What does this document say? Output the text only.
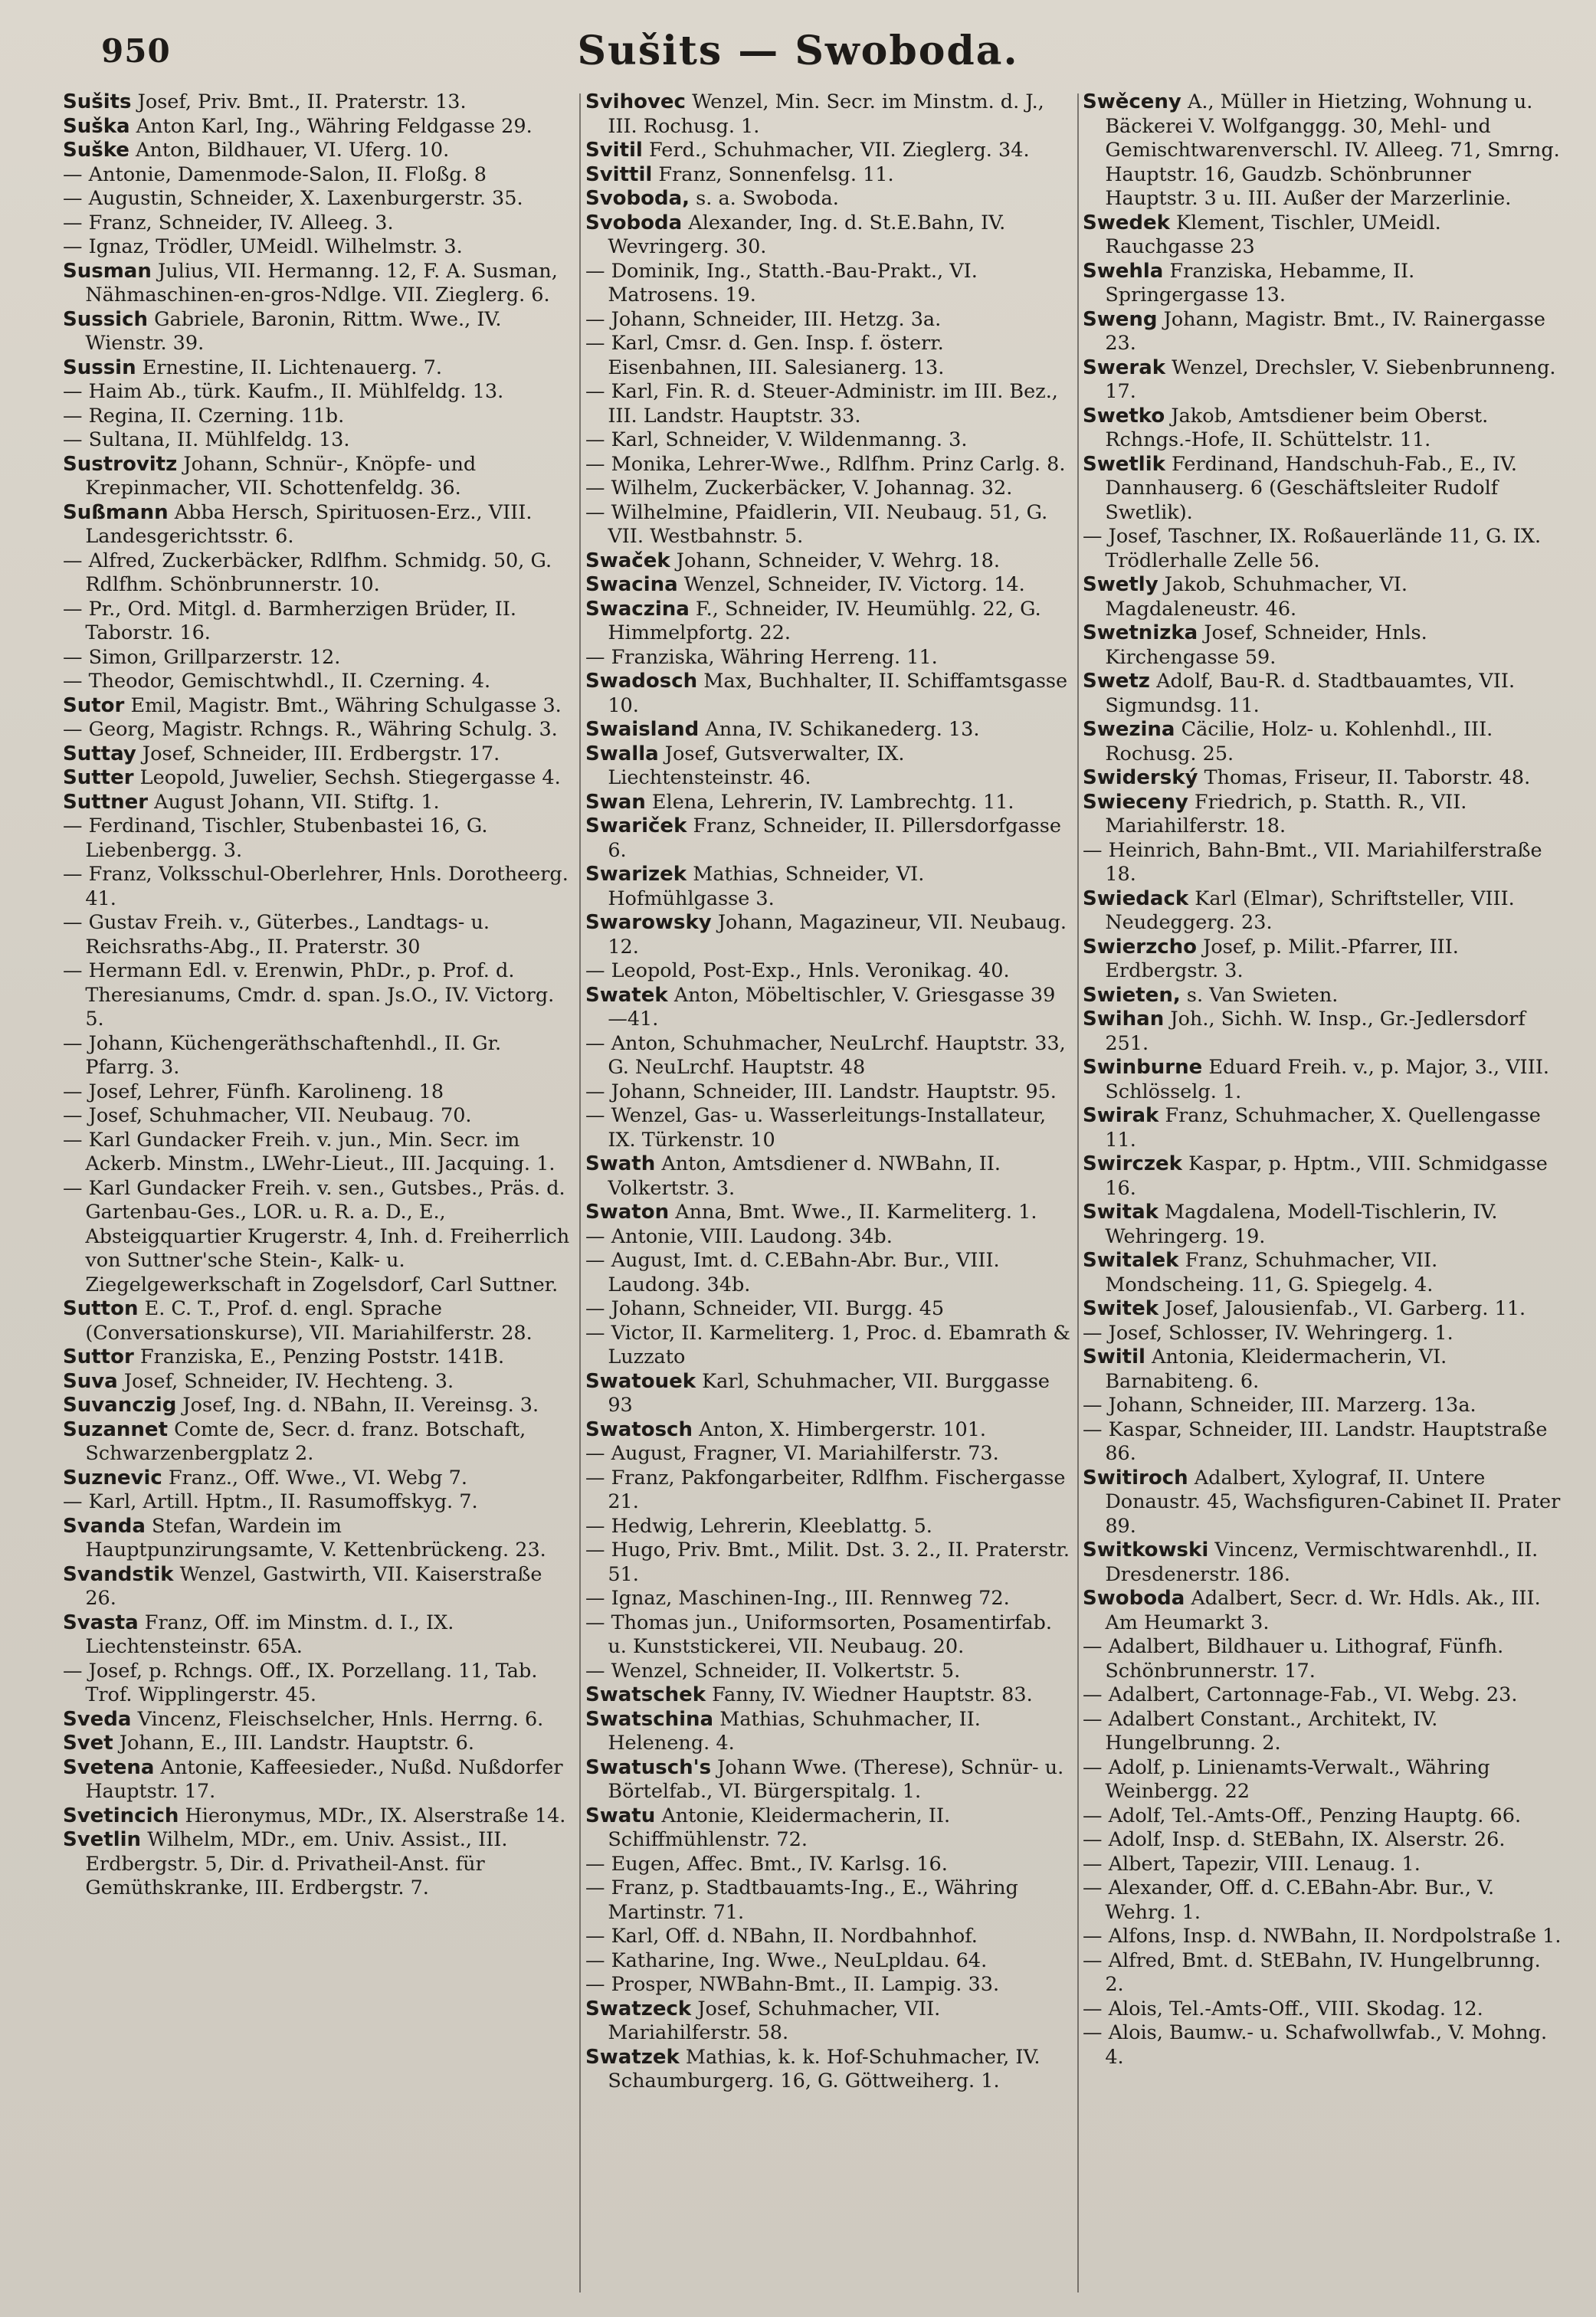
950	Sušits — Swoboda.

Sušits Josef, Priv. Bmt., II. Praterstr. 13.

Suška Anton Karl, Ing., Währing Feldgasse 29.

Suške Anton, Bildhauer, VI. Uferg. 10.

— Antonie, Damenmode-Salon, II. Floßg. 8

— Augustin, Schneider, X. Laxenburgerstr. 35.

— Franz, Schneider, IV. Alleeg. 3.

— Ignaz, Trödler, UMeidl. Wilhelmstr. 3.

Susman Julius, VII. Hermanng. 12, F. A. Susman, Nähmaschinen-en-gros-Ndlge. VII. Zieglerg. 6.

Sussich Gabriele, Baronin, Rittm. Wwe., IV. Wienstr. 39.

Sussin Ernestine, II. Lichtenauerg. 7.

— Haim Ab., türk. Kaufm., II. Mühlfeldg. 13.

— Regina, II. Czerning. 11b.

— Sultana, II. Mühlfeldg. 13.

Sustrovitz Johann, Schnür-, Knöpfe- und Krepinmacher, VII. Schottenfeldg. 36.

Sußmann Abba Hersch, Spirituosen-Erz., VIII. Landesgerichtsstr. 6.

— Alfred, Zuckerbäcker, Rdlfhm. Schmidg. 50, G. Rdlfhm. Schönbrunnerstr. 10.

— Pr., Ord. Mitgl. d. Barmherzigen Brüder, II. Taborstr. 16.

— Simon, Grillparzerstr. 12.

— Theodor, Gemischtwhdl., II. Czerning. 4.

Sutor Emil, Magistr. Bmt., Währing Schulgasse 3.

— Georg, Magistr. Rchngs. R., Währing Schulg. 3.

Suttay Josef, Schneider, III. Erdbergstr. 17.

Sutter Leopold, Juwelier, Sechsh. Stiegergasse 4.

Suttner August Johann, VII. Stiftg. 1.

— Ferdinand, Tischler, Stubenbastei 16, G. Liebenbergg. 3.

— Franz, Volksschul-Oberlehrer, Hnls. Dorotheerg. 41.

— Gustav Freih. v., Güterbes., Landtags- u. Reichsraths-Abg., II. Praterstr. 30

— Hermann Edl. v. Erenwin, PhDr., p. Prof. d. Theresianums, Cmdr. d. span. Js.O., IV. Victorg. 5.

— Johann, Küchengeräthschaftenhdl., II. Gr. Pfarrg. 3.

— Josef, Lehrer, Fünfh. Karolineng. 18

— Josef, Schuhmacher, VII. Neubaug. 70.

— Karl Gundacker Freih. v. jun., Min. Secr. im Ackerb. Minstm., LWehr-Lieut., III. Jacquing. 1.

— Karl Gundacker Freih. v. sen., Gutsbes., Präs. d. Gartenbau-Ges., LOR. u. R. a. D., E., Absteigquartier Krugerstr. 4, Inh. d. Freiherrlich von Suttner'sche Stein-, Kalk- u. Ziegelgewerkschaft in Zogelsdorf, Carl Suttner.

Sutton E. C. T., Prof. d. engl. Sprache (Conversationskurse), VII. Mariahilferstr. 28.

Suttor Franziska, E., Penzing Poststr. 141B.

Suva Josef, Schneider, IV. Hechteng. 3.

Suvanczig Josef, Ing. d. NBahn, II. Vereinsg. 3.

Suzannet Comte de, Secr. d. franz. Botschaft, Schwarzenbergplatz 2.

Suznevic Franz., Off. Wwe., VI. Webg 7.

— Karl, Artill. Hptm., II. Rasumoffskyg. 7.

Svanda Stefan, Wardein im Hauptpunzirungsamte, V. Kettenbrückeng. 23.

Svandstik Wenzel, Gastwirth, VII. Kaiserstraße 26.

Svasta Franz, Off. im Minstm. d. I., IX. Liechtensteinstr. 65A.

— Josef, p. Rchngs. Off., IX. Porzellang. 11, Tab. Trof. Wipplingerstr. 45.

Sveda Vincenz, Fleischselcher, Hnls. Herrng. 6.

Svet Johann, E., III. Landstr. Hauptstr. 6.

Svetena Antonie, Kaffeesieder., Nußd. Nußdorfer Hauptstr. 17.

Svetincich Hieronymus, MDr., IX. Alserstraße 14.

Svetlin Wilhelm, MDr., em. Univ. Assist., III. Erdbergstr. 5, Dir. d. Privatheil-Anst. für Gemüthskranke, III. Erdbergstr. 7.

Svihovec Wenzel, Min. Secr. im Minstm. d. J., III. Rochusg. 1.

Svitil Ferd., Schuhmacher, VII. Zieglerg. 34.

Svittil Franz, Sonnenfelsg. 11.

Svoboda, s. a. Swoboda.

Svoboda Alexander, Ing. d. St.E.Bahn, IV. Wevringerg. 30.

— Dominik, Ing., Statth.-Bau-Prakt., VI. Matrosens. 19.

— Johann, Schneider, III. Hetzg. 3a.

— Karl, Cmsr. d. Gen. Insp. f. österr. Eisenbahnen, III. Salesianerg. 13.

— Karl, Fin. R. d. Steuer-Administr. im III. Bez., III. Landstr. Hauptstr. 33.

— Karl, Schneider, V. Wildenmanng. 3.

— Monika, Lehrer-Wwe., Rdlfhm. Prinz Carlg. 8.

— Wilhelm, Zuckerbäcker, V. Johannag. 32.

— Wilhelmine, Pfaidlerin, VII. Neubaug. 51, G. VII. Westbahnstr. 5.

Swaček Johann, Schneider, V. Wehrg. 18.

Swacina Wenzel, Schneider, IV. Victorg. 14.

Swaczina F., Schneider, IV. Heumühlg. 22, G. Himmelpfortg. 22.

— Franziska, Währing Herreng. 11.

Swadosch Max, Buchhalter, II. Schiffamtsgasse 10.

Swaisland Anna, IV. Schikanederg. 13.

Swalla Josef, Gutsverwalter, IX. Liechtensteinstr. 46.

Swan Elena, Lehrerin, IV. Lambrechtg. 11.

Swariček Franz, Schneider, II. Pillersdorfgasse 6.

Swarizek Mathias, Schneider, VI. Hofmühlgasse 3.

Swarowsky Johann, Magazineur, VII. Neubaug. 12.

— Leopold, Post-Exp., Hnls. Veronikag. 40.

Swatek Anton, Möbeltischler, V. Griesgasse 39—41.

— Anton, Schuhmacher, NeuLrchf. Hauptstr. 33, G. NeuLrchf. Hauptstr. 48

— Johann, Schneider, III. Landstr. Hauptstr. 95.

— Wenzel, Gas- u. Wasserleitungs-Installateur, IX. Türkenstr. 10

Swath Anton, Amtsdiener d. NWBahn, II. Volkertstr. 3.

Swaton Anna, Bmt. Wwe., II. Karmeliterg. 1.

— Antonie, VIII. Laudong. 34b.

— August, Imt. d. C.EBahn-Abr. Bur., VIII. Laudong. 34b.

— Johann, Schneider, VII. Burgg. 45

— Victor, II. Karmeliterg. 1, Proc. d. Ebamrath & Luzzato

Swatouek Karl, Schuhmacher, VII. Burggasse 93

Swatosch Anton, X. Himbergerstr. 101.

— August, Fragner, VI. Mariahilferstr. 73.

— Franz, Pakfongarbeiter, Rdlfhm. Fischergasse 21.

— Hedwig, Lehrerin, Kleeblattg. 5.

— Hugo, Priv. Bmt., Milit. Dst. 3. 2., II. Praterstr. 51.

— Ignaz, Maschinen-Ing., III. Rennweg 72.

— Thomas jun., Uniformsorten, Posamentirfab. u. Kunststickerei, VII. Neubaug. 20.

— Wenzel, Schneider, II. Volkertstr. 5.

Swatschek Fanny, IV. Wiedner Hauptstr. 83.

Swatschina Mathias, Schuhmacher, II. Heleneng. 4.

Swatusch's Johann Wwe. (Therese), Schnür- u. Börtelfab., VI. Bürgerspitalg. 1.

Swatu Antonie, Kleidermacherin, II. Schiffmühlenstr. 72.

— Eugen, Affec. Bmt., IV. Karlsg. 16.

— Franz, p. Stadtbauamts-Ing., E., Währing Martinstr. 71.

— Karl, Off. d. NBahn, II. Nordbahnhof.

— Katharine, Ing. Wwe., NeuLpldau. 64.

— Prosper, NWBahn-Bmt., II. Lampig. 33.

Swatzeck Josef, Schuhmacher, VII. Mariahilferstr. 58.

Swatzek Mathias, k. k. Hof-Schuhmacher, IV. Schaumburgerg. 16, G. Göttweiherg. 1.

Swěceny A., Müller in Hietzing, Wohnung u. Bäckerei V. Wolfganggg. 30, Mehl- und Gemischtwarenverschl. IV. Alleeg. 71, Smrng. Hauptstr. 16, Gaudzb. Schönbrunner Hauptstr. 3 u. III. Außer der Marzerlinie.

Swedek Klement, Tischler, UMeidl. Rauchgasse 23

Swehla Franziska, Hebamme, II. Springergasse 13.

Sweng Johann, Magistr. Bmt., IV. Rainergasse 23.

Swerak Wenzel, Drechsler, V. Siebenbrunneng. 17.

Swetko Jakob, Amtsdiener beim Oberst. Rchngs.-Hofe, II. Schüttelstr. 11.

Swetlik Ferdinand, Handschuh-Fab., E., IV. Dannhauserg. 6 (Geschäftsleiter Rudolf Swetlik).

— Josef, Taschner, IX. Roßauerlände 11, G. IX. Trödlerhalle Zelle 56.

Swetly Jakob, Schuhmacher, VI. Magdaleneustr. 46.

Swetnizka Josef, Schneider, Hnls. Kirchengasse 59.

Swetz Adolf, Bau-R. d. Stadtbauamtes, VII. Sigmundsg. 11.

Swezina Cäcilie, Holz- u. Kohlenhdl., III. Rochusg. 25.

Swiderský Thomas, Friseur, II. Taborstr. 48.

Swieceny Friedrich, p. Statth. R., VII. Mariahilferstr. 18.

— Heinrich, Bahn-Bmt., VII. Mariahilferstraße 18.

Swiedack Karl (Elmar), Schriftsteller, VIII. Neudeggerg. 23.

Swierzcho Josef, p. Milit.-Pfarrer, III. Erdbergstr. 3.

Swieten, s. Van Swieten.

Swihan Joh., Sichh. W. Insp., Gr.-Jedlersdorf 251.

Swinburne Eduard Freih. v., p. Major, 3., VIII. Schlösselg. 1.

Swirak Franz, Schuhmacher, X. Quellengasse 11.

Swirczek Kaspar, p. Hptm., VIII. Schmidgasse 16.

Switak Magdalena, Modell-Tischlerin, IV. Wehringerg. 19.

Switalek Franz, Schuhmacher, VII. Mondscheing. 11, G. Spiegelg. 4.

Switek Josef, Jalousienfab., VI. Garberg. 11.

— Josef, Schlosser, IV. Wehringerg. 1.

Switil Antonia, Kleidermacherin, VI. Barnabiteng. 6.

— Johann, Schneider, III. Marzerg. 13a.

— Kaspar, Schneider, III. Landstr. Hauptstraße 86.

Switiroch Adalbert, Xylograf, II. Untere Donaustr. 45, Wachsfiguren-Cabinet II. Prater 89.

Switkowski Vincenz, Vermischtwarenhdl., II. Dresdenerstr. 186.

Swoboda Adalbert, Secr. d. Wr. Hdls. Ak., III. Am Heumarkt 3.

— Adalbert, Bildhauer u. Lithograf, Fünfh. Schönbrunnerstr. 17.

— Adalbert, Cartonnage-Fab., VI. Webg. 23.

— Adalbert Constant., Architekt, IV. Hungelbrunng. 2.

— Adolf, p. Linienamts-Verwalt., Währing Weinbergg. 22

— Adolf, Tel.-Amts-Off., Penzing Hauptg. 66.

— Adolf, Insp. d. StEBahn, IX. Alserstr. 26.

— Albert, Tapezir, VIII. Lenaug. 1.

— Alexander, Off. d. C.EBahn-Abr. Bur., V. Wehrg. 1.

— Alfons, Insp. d. NWBahn, II. Nordpolstraße 1.

— Alfred, Bmt. d. StEBahn, IV. Hungelbrunng. 2.

— Alois, Tel.-Amts-Off., VIII. Skodag. 12.

— Alois, Baumw.- u. Schafwollwfab., V. Mohng. 4.
